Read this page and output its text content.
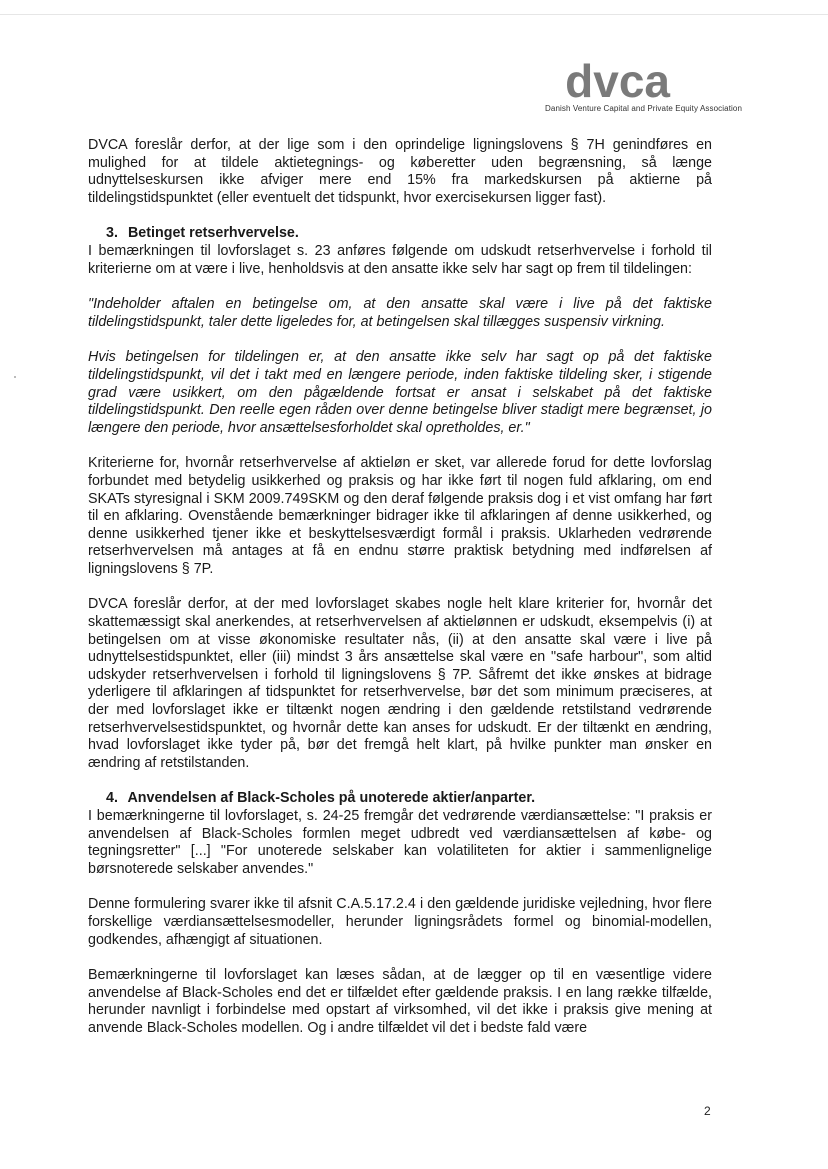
dvca
Danish Venture Capital and Private Equity Association

DVCA foreslår derfor, at der lige som i den oprindelige ligningslovens § 7H genindføres en mulighed for at tildele aktietegnings- og køberetter uden begrænsning, så længe udnyttelseskursen ikke afviger mere end 15% fra markedskursen på aktierne på tildelingstidspunktet (eller eventuelt det tidspunkt, hvor exercisekursen ligger fast).

3. Betinget retserhvervelse.

I bemærkningen til lovforslaget s. 23 anføres følgende om udskudt retserhvervelse i forhold til kriterierne om at være i live, henholdsvis at den ansatte ikke selv har sagt op frem til tildelingen:

"Indeholder aftalen en betingelse om, at den ansatte skal være i live på det faktiske tildelingstidspunkt, taler dette ligeledes for, at betingelsen skal tillægges suspensiv virkning.

Hvis betingelsen for tildelingen er, at den ansatte ikke selv har sagt op på det faktiske tildelingstidspunkt, vil det i takt med en længere periode, inden faktiske tildeling sker, i stigende grad være usikkert, om den pågældende fortsat er ansat i selskabet på det faktiske tildelingstidspunkt. Den reelle egen råden over denne betingelse bliver stadigt mere begrænset, jo længere den periode, hvor ansættelsesforholdet skal opretholdes, er."

Kriterierne for, hvornår retserhvervelse af aktieløn er sket, var allerede forud for dette lovforslag forbundet med betydelig usikkerhed og praksis og har ikke ført til nogen fuld afklaring, om end SKATs styresignal i SKM 2009.749SKM og den deraf følgende praksis dog i et vist omfang har ført til en afklaring. Ovenstående bemærkninger bidrager ikke til afklaringen af denne usikkerhed, og denne usikkerhed tjener ikke et beskyttelsesværdigt formål i praksis. Uklarheden vedrørende retserhvervelsen må antages at få en endnu større praktisk betydning med indførelsen af ligningslovens § 7P.

DVCA foreslår derfor, at der med lovforslaget skabes nogle helt klare kriterier for, hvornår det skattemæssigt skal anerkendes, at retserhvervelsen af aktielønnen er udskudt, eksempelvis (i) at betingelsen om at visse økonomiske resultater nås, (ii) at den ansatte skal være i live på udnyttelsestidspunktet, eller (iii) mindst 3 års ansættelse skal være en "safe harbour", som altid udskyder retserhvervelsen i forhold til ligningslovens § 7P. Såfremt det ikke ønskes at bidrage yderligere til afklaringen af tidspunktet for retserhvervelse, bør det som minimum præciseres, at der med lovforslaget ikke er tiltænkt nogen ændring i den gældende retstilstand vedrørende retserhvervelsestidspunktet, og hvornår dette kan anses for udskudt. Er der tiltænkt en ændring, hvad lovforslaget ikke tyder på, bør det fremgå helt klart, på hvilke punkter man ønsker en ændring af retstilstanden.

4. Anvendelsen af Black-Scholes på unoterede aktier/anparter.

I bemærkningerne til lovforslaget, s. 24-25 fremgår det vedrørende værdiansættelse: "I praksis er anvendelsen af Black-Scholes formlen meget udbredt ved værdiansættelsen af købe- og tegningsretter" [...] "For unoterede selskaber kan volatiliteten for aktier i sammenlignelige børsnoterede selskaber anvendes."

Denne formulering svarer ikke til afsnit C.A.5.17.2.4 i den gældende juridiske vejledning, hvor flere forskellige værdiansættelsesmodeller, herunder ligningsrådets formel og binomial-modellen, godkendes, afhængigt af situationen.

Bemærkningerne til lovforslaget kan læses sådan, at de lægger op til en væsentlige videre anvendelse af Black-Scholes end det er tilfældet efter gældende praksis. I en lang række tilfælde, herunder navnligt i forbindelse med opstart af virksomhed, vil det ikke i praksis give mening at anvende Black-Scholes modellen. Og i andre tilfældet vil det i bedste fald være

2
